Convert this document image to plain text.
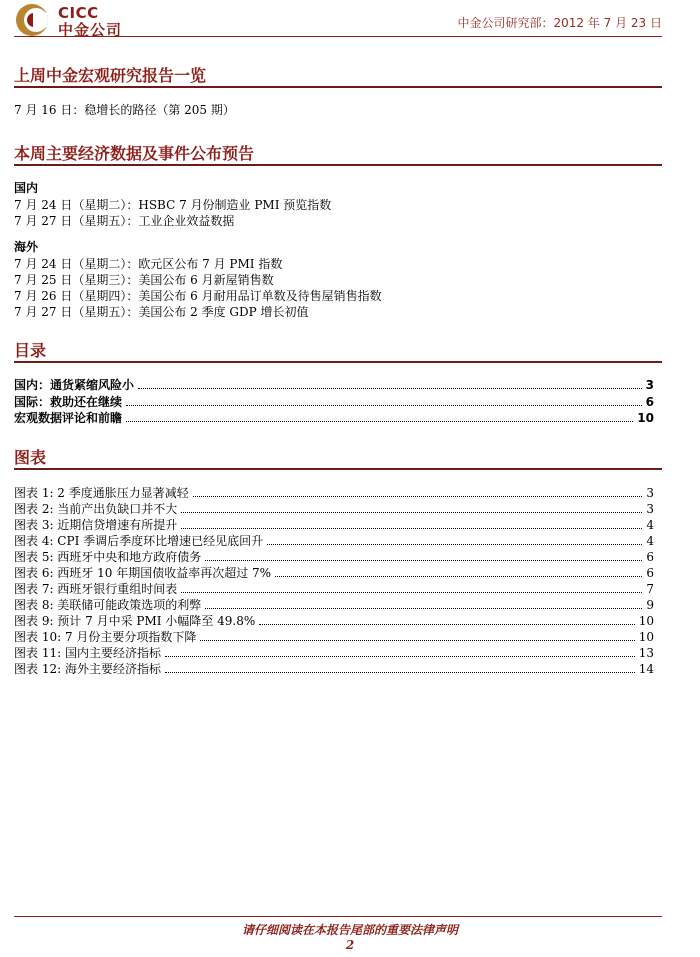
CICC
中金公司	中金公司研究部：2012 年 7 月 23 日
上周中金宏观研究报告一览
7 月 16 日：稳增长的路径（第 205 期）
本周主要经济数据及事件公布预告
国内
7 月 24 日（星期二）：HSBC 7 月份制造业 PMI 预览指数
7 月 27 日（星期五）：工业企业效益数据
海外
7 月 24 日（星期二）：欧元区公布 7 月 PMI 指数
7 月 25 日（星期三）：美国公布 6 月新屋销售数
7 月 26 日（星期四）：美国公布 6 月耐用品订单数及待售屋销售指数
7 月 27 日（星期五）：美国公布 2 季度 GDP 增长初值
目录
国内：通货紧缩风险小	3
国际：救助还在继续	6
宏观数据评论和前瞻	10
图表
图表 1: 2 季度通胀压力显著减轻	3
图表 2: 当前产出负缺口并不大	3
图表 3: 近期信贷增速有所提升	4
图表 4: CPI 季调后季度环比增速已经见底回升	4
图表 5: 西班牙中央和地方政府债务	6
图表 6: 西班牙 10 年期国债收益率再次超过 7%	6
图表 7: 西班牙银行重组时间表	7
图表 8: 美联储可能政策选项的利弊	9
图表 9: 预计 7 月中采 PMI 小幅降至 49.8%	10
图表 10: 7 月份主要分项指数下降	10
图表 11: 国内主要经济指标	13
图表 12: 海外主要经济指标	14
请仔细阅读在本报告尾部的重要法律声明
2
